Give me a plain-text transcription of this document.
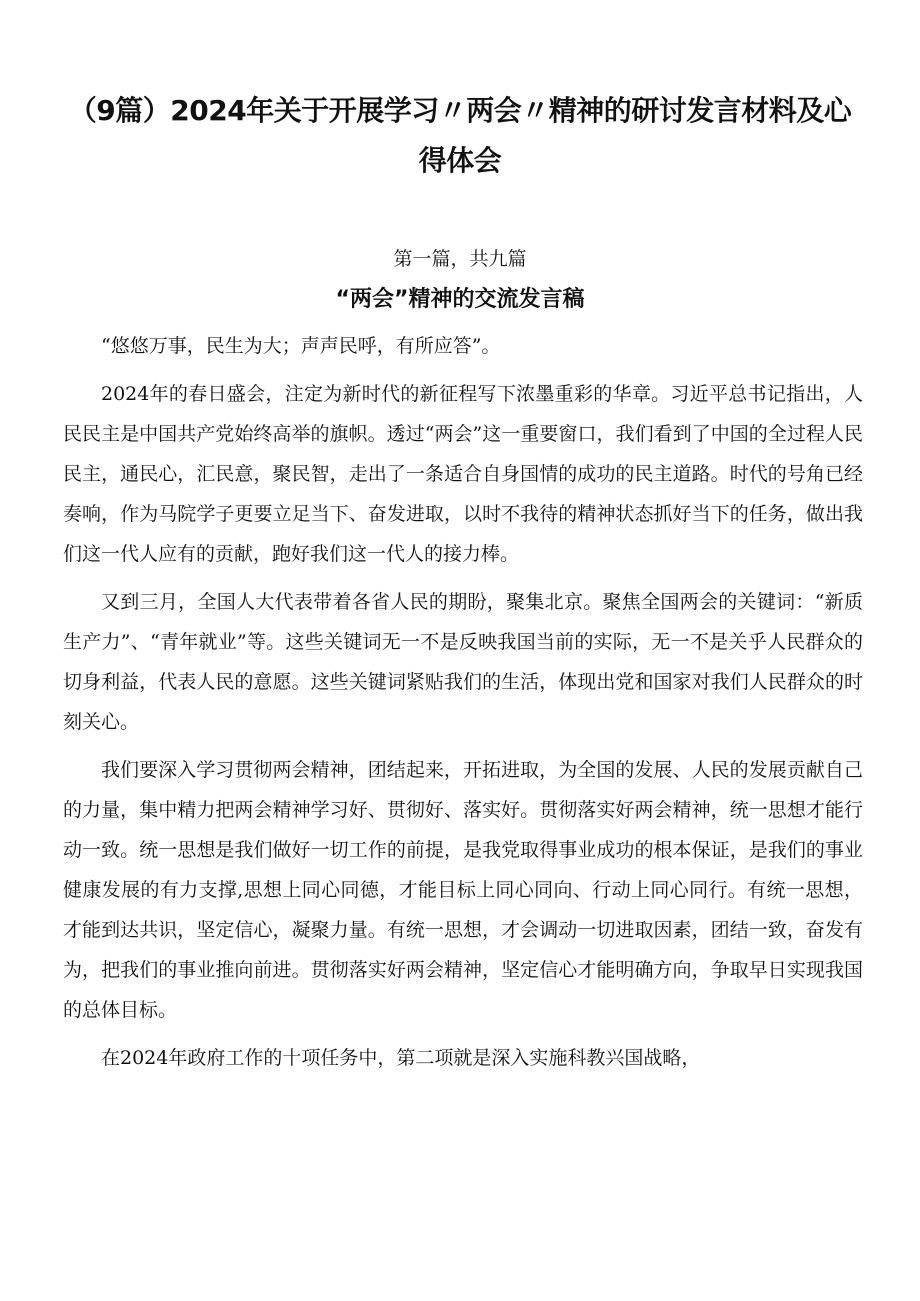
（9篇）2024年关于开展学习〃两会〃精神的研讨发言材料及心得体会
第一篇，共九篇
“两会”精神的交流发言稿

“悠悠万事，民生为大；声声民呼，有所应答”。

2024年的春日盛会，注定为新时代的新征程写下浓墨重彩的华章。习近平总书记指出，人民民主是中国共产党始终高举的旗帜。透过“两会”这一重要窗口，我们看到了中国的全过程人民民主，通民心，汇民意，聚民智，走出了一条适合自身国情的成功的民主道路。时代的号角已经奏响，作为马院学子更要立足当下、奋发进取，以时不我待的精神状态抓好当下的任务，做出我们这一代人应有的贡献，跑好我们这一代人的接力棒。

又到三月，全国人大代表带着各省人民的期盼，聚集北京。聚焦全国两会的关键词：“新质生产力”、“青年就业”等。这些关键词无一不是反映我国当前的实际，无一不是关乎人民群众的切身利益，代表人民的意愿。这些关键词紧贴我们的生活，体现出党和国家对我们人民群众的时刻关心。

我们要深入学习贯彻两会精神，团结起来，开拓进取，为全国的发展、人民的发展贡献自己的力量，集中精力把两会精神学习好、贯彻好、落实好。贯彻落实好两会精神，统一思想才能行动一致。统一思想是我们做好一切工作的前提，是我党取得事业成功的根本保证，是我们的事业健康发展的有力支撑,思想上同心同德，才能目标上同心同向、行动上同心同行。有统一思想，才能到达共识，坚定信心，凝聚力量。有统一思想，才会调动一切进取因素，团结一致，奋发有为，把我们的事业推向前进。贯彻落实好两会精神，坚定信心才能明确方向，争取早日实现我国的总体目标。

在2024年政府工作的十项任务中，第二项就是深入实施科教兴国战略，
